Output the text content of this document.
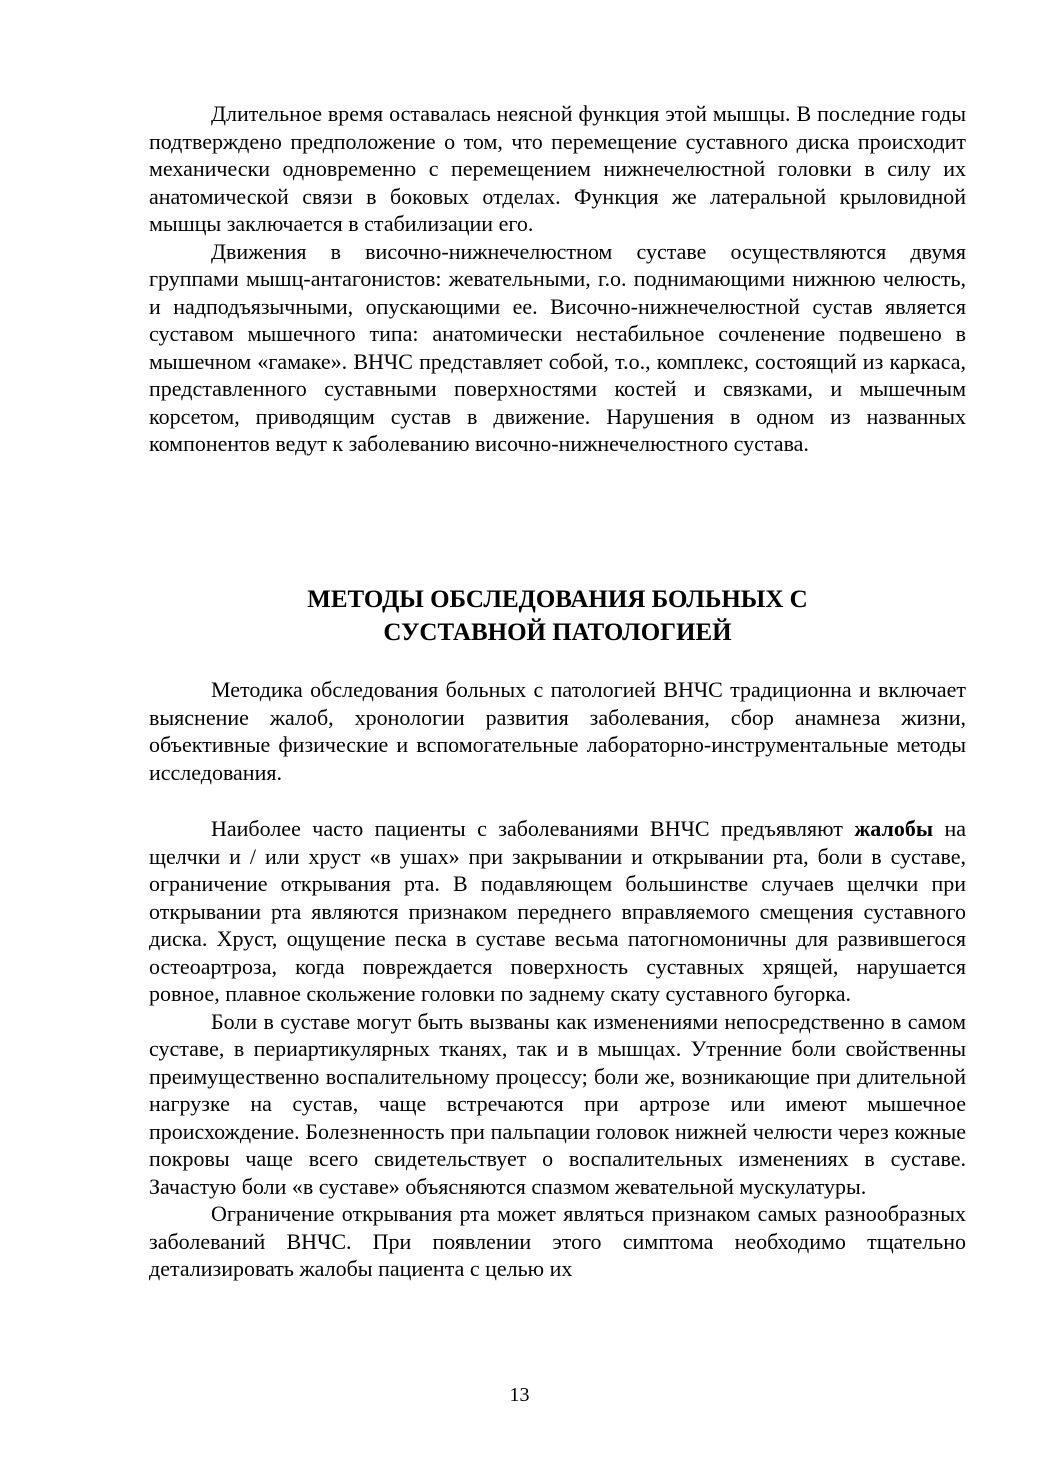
Длительное время оставалась неясной функция этой мышцы. В последние годы подтверждено предположение о том, что перемещение суставного диска происходит механически одновременно с перемещением нижнечелюстной головки в силу их анатомической связи в боковых отделах. Функция же латеральной крыловидной мышцы заключается в стабилизации его.

Движения в височно-нижнечелюстном суставе осуществляются двумя группами мышц-антагонистов: жевательными, г.о. поднимающими нижнюю челюсть, и надподъязычными, опускающими ее. Височно-нижнечелюстной сустав является суставом мышечного типа: анатомически нестабильное сочленение подвешено в мышечном «гамаке». ВНЧС представляет собой, т.о., комплекс, состоящий из каркаса, представленного суставными поверхностями костей и связками, и мышечным корсетом, приводящим сустав в движение. Нарушения в одном из названных компонентов ведут к заболеванию височно-нижнечелюстного сустава.

МЕТОДЫ ОБСЛЕДОВАНИЯ БОЛЬНЫХ С
СУСТАВНОЙ ПАТОЛОГИЕЙ

Методика обследования больных с патологией ВНЧС традиционна и включает выяснение жалоб, хронологии развития заболевания, сбор анамнеза жизни, объективные физические и вспомогательные лабораторно-инструментальные методы исследования.

Наиболее часто пациенты с заболеваниями ВНЧС предъявляют жалобы на щелчки и / или хруст «в ушах» при закрывании и открывании рта, боли в суставе, ограничение открывания рта. В подавляющем большинстве случаев щелчки при открывании рта являются признаком переднего вправляемого смещения суставного диска. Хруст, ощущение песка в суставе весьма патогномоничны для развившегося остеоартроза, когда повреждается поверхность суставных хрящей, нарушается ровное, плавное скольжение головки по заднему скату суставного бугорка.

Боли в суставе могут быть вызваны как изменениями непосредственно в самом суставе, в периартикулярных тканях, так и в мышцах. Утренние боли свойственны преимущественно воспалительному процессу; боли же, возникающие при длительной нагрузке на сустав, чаще встречаются при артрозе или имеют мышечное происхождение. Болезненность при пальпации головок нижней челюсти через кожные покровы чаще всего свидетельствует о воспалительных изменениях в суставе. Зачастую боли «в суставе» объясняются спазмом жевательной мускулатуры.

Ограничение открывания рта может являться признаком самых разнообразных заболеваний ВНЧС. При появлении этого симптома необходимо тщательно детализировать жалобы пациента с целью их

13
